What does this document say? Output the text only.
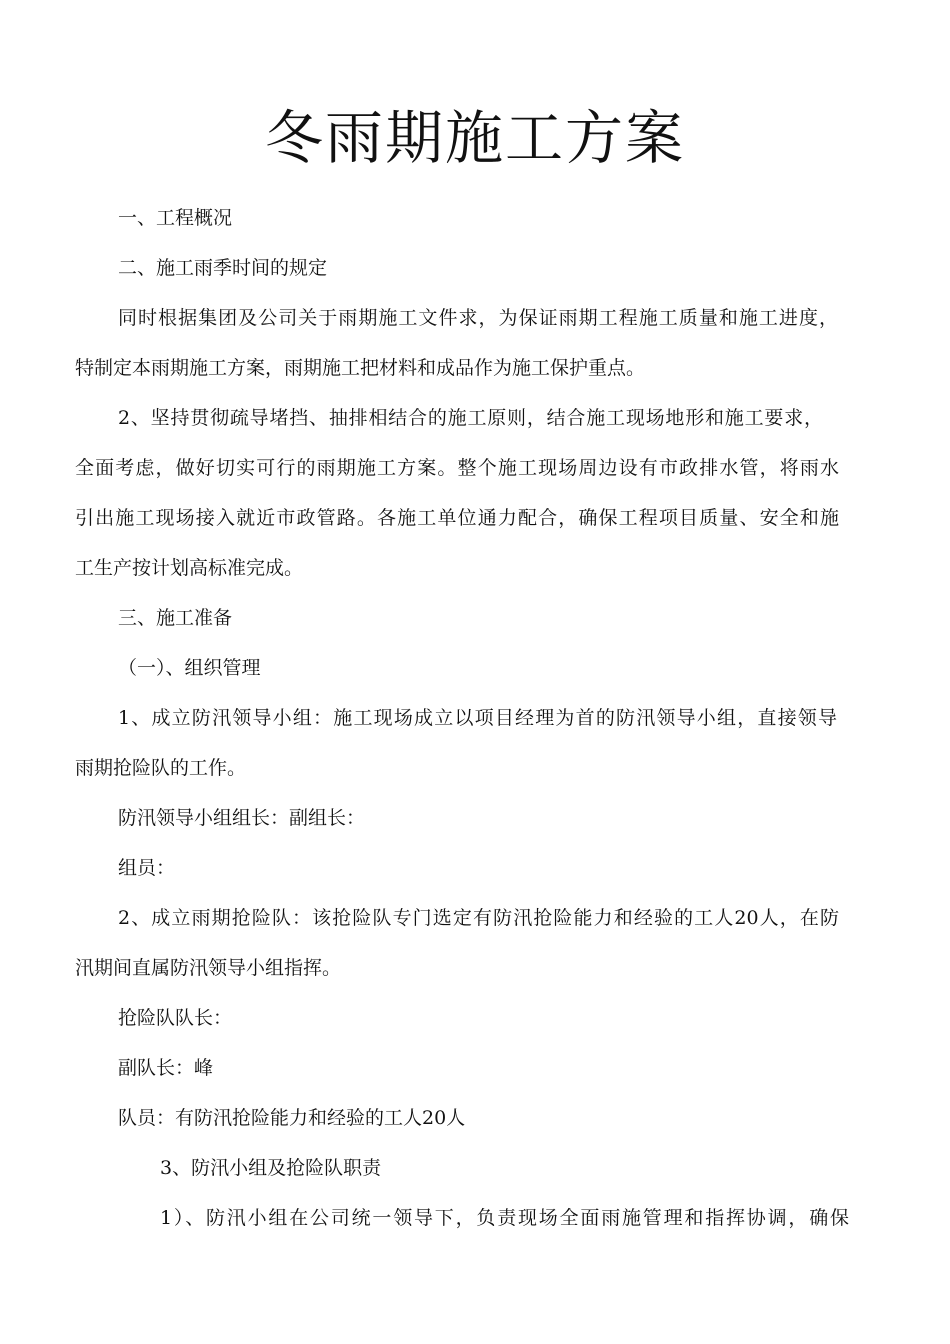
冬雨期施工方案
一、工程概况
二、施工雨季时间的规定
同时根据集团及公司关于雨期施工文件求，为保证雨期工程施工质量和施工进度，
特制定本雨期施工方案，雨期施工把材料和成品作为施工保护重点。
2、坚持贯彻疏导堵挡、抽排相结合的施工原则，结合施工现场地形和施工要求，
全面考虑，做好切实可行的雨期施工方案。整个施工现场周边设有市政排水管，将雨水
引出施工现场接入就近市政管路。各施工单位通力配合，确保工程项目质量、安全和施
工生产按计划高标准完成。
三、施工准备
（一）、组织管理
1、成立防汛领导小组：施工现场成立以项目经理为首的防汛领导小组，直接领导
雨期抢险队的工作。
防汛领导小组组长：副组长：
组员：
2、成立雨期抢险队：该抢险队专门选定有防汛抢险能力和经验的工人20人，在防
汛期间直属防汛领导小组指挥。
抢险队队长：
副队长：峰
队员：有防汛抢险能力和经验的工人20人
3、防汛小组及抢险队职责
1）、防汛小组在公司统一领导下，负责现场全面雨施管理和指挥协调，确保
